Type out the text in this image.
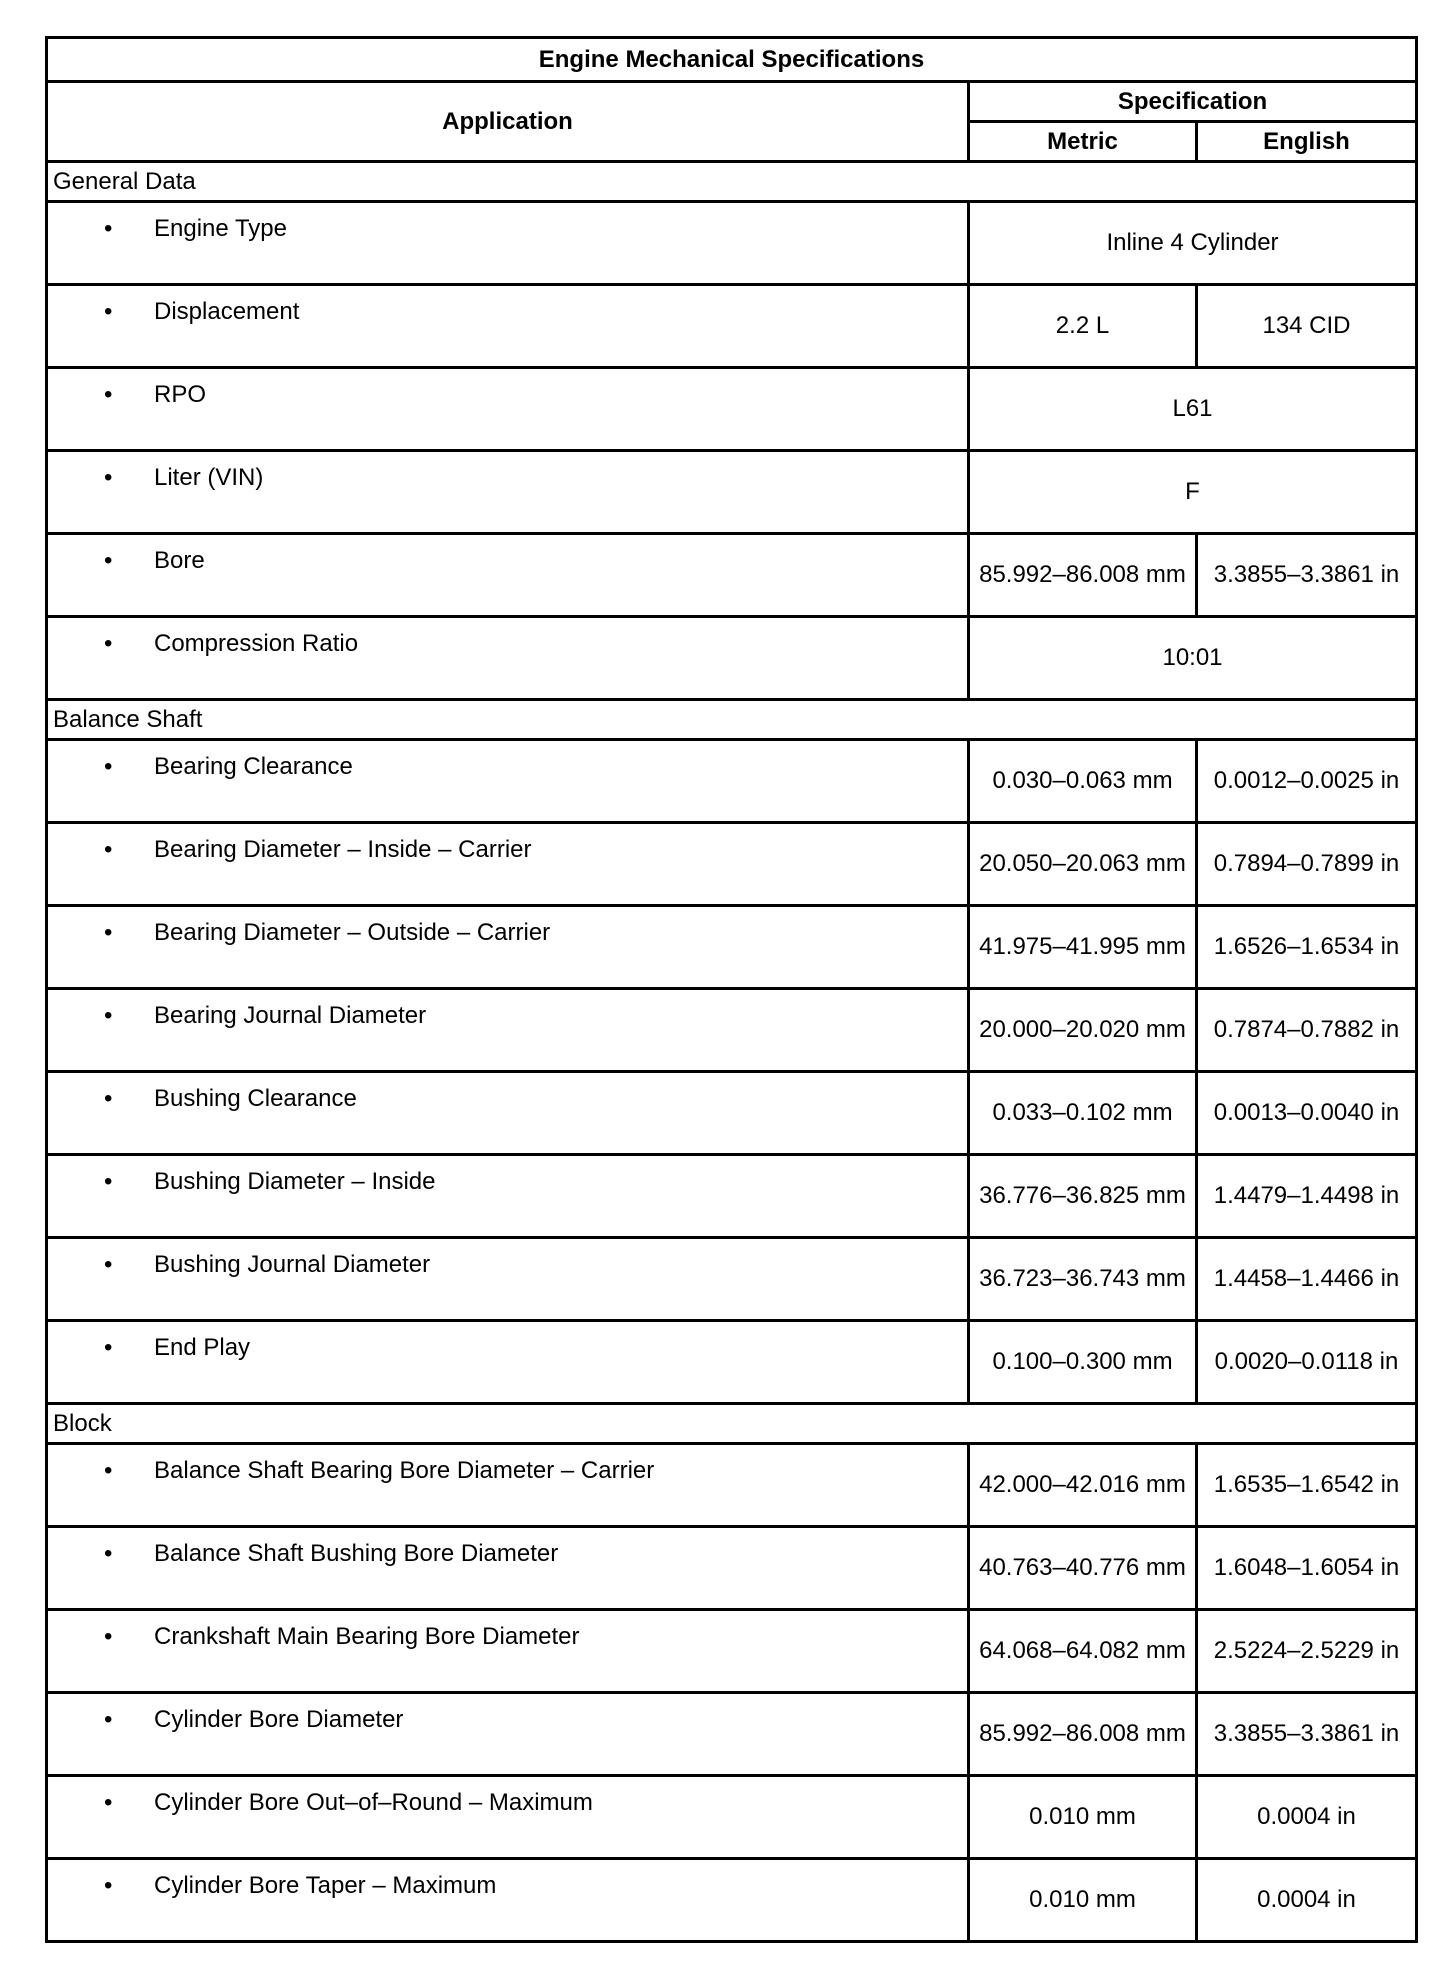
Engine Mechanical Specifications		
Application	Specification	
	Metric	English
General Data		

• Engine Type	Inline 4 Cylinder	

• Displacement	2.2 L	134 CID

• RPO	L61	

• Liter (VIN)	F	

• Bore	85.992–86.008 mm	3.3855–3.3861 in

• Compression Ratio	10:01	
Balance Shaft		

• Bearing Clearance	0.030–0.063 mm	0.0012–0.0025 in

• Bearing Diameter – Inside – Carrier	20.050–20.063 mm	0.7894–0.7899 in

• Bearing Diameter – Outside – Carrier	41.975–41.995 mm	1.6526–1.6534 in

• Bearing Journal Diameter	20.000–20.020 mm	0.7874–0.7882 in

• Bushing Clearance	0.033–0.102 mm	0.0013–0.0040 in

• Bushing Diameter – Inside	36.776–36.825 mm	1.4479–1.4498 in

• Bushing Journal Diameter	36.723–36.743 mm	1.4458–1.4466 in

• End Play	0.100–0.300 mm	0.0020–0.0118 in
Block		

• Balance Shaft Bearing Bore Diameter – Carrier	42.000–42.016 mm	1.6535–1.6542 in

• Balance Shaft Bushing Bore Diameter	40.763–40.776 mm	1.6048–1.6054 in

• Crankshaft Main Bearing Bore Diameter	64.068–64.082 mm	2.5224–2.5229 in

• Cylinder Bore Diameter	85.992–86.008 mm	3.3855–3.3861 in

• Cylinder Bore Out–of–Round – Maximum	0.010 mm	0.0004 in

• Cylinder Bore Taper – Maximum	0.010 mm	0.0004 in
